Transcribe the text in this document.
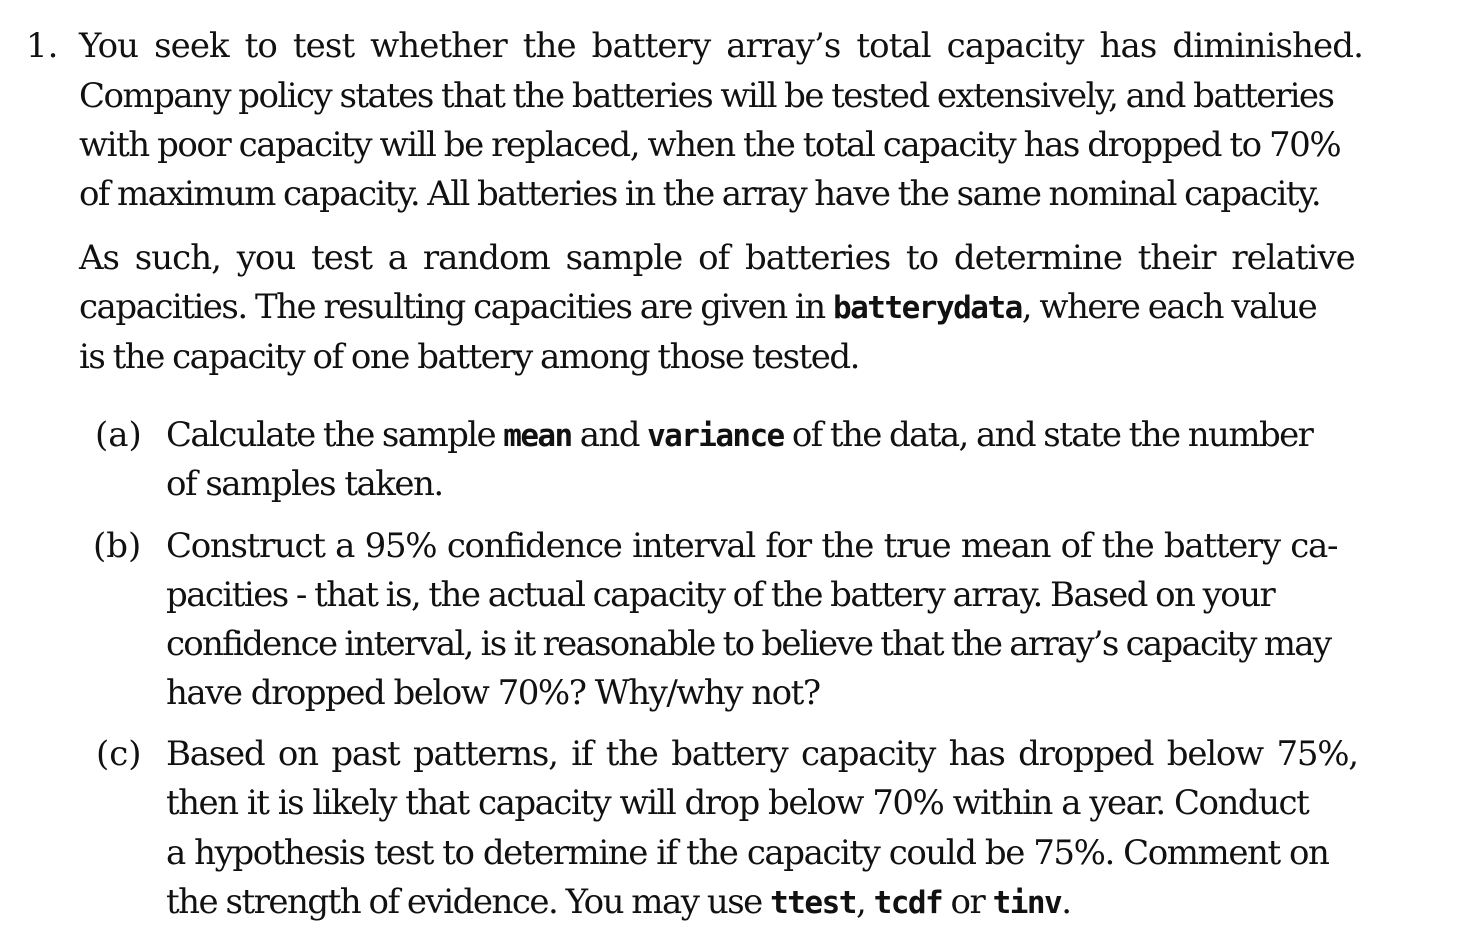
1. You seek to test whether the battery array’s total capacity has diminished.
Company policy states that the batteries will be tested extensively, and batteries
with poor capacity will be replaced, when the total capacity has dropped to 70%
of maximum capacity. All batteries in the array have the same nominal capacity.
As such, you test a random sample of batteries to determine their relative
capacities. The resulting capacities are given in batterydata, where each value
is the capacity of one battery among those tested.
(a) Calculate the sample mean and variance of the data, and state the number
of samples taken.
(b) Construct a 95% confidence interval for the true mean of the battery ca-
pacities - that is, the actual capacity of the battery array. Based on your
confidence interval, is it reasonable to believe that the array’s capacity may
have dropped below 70%? Why/why not?
(c) Based on past patterns, if the battery capacity has dropped below 75%,
then it is likely that capacity will drop below 70% within a year. Conduct
a hypothesis test to determine if the capacity could be 75%. Comment on
the strength of evidence. You may use ttest, tcdf or tinv.
